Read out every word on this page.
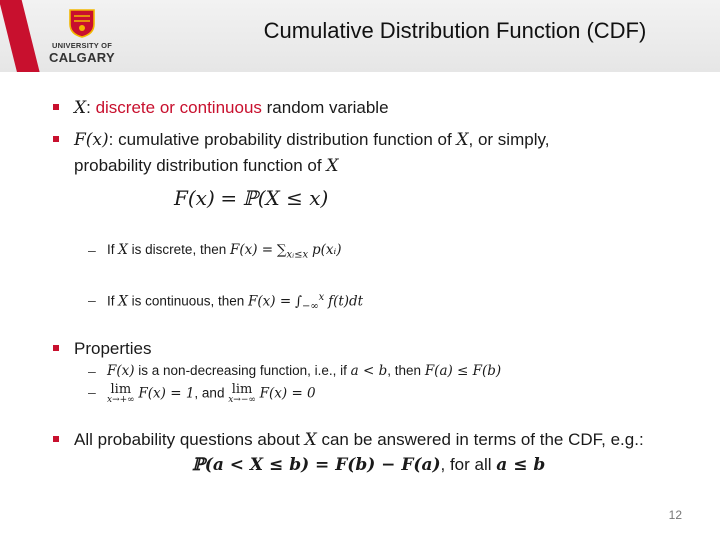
UNIVERSITY OF
CALGARY
Cumulative Distribution Function (CDF)
X: discrete or continuous random variable
F(x): cumulative probability distribution function of X, or simply,
probability distribution function of X
F(x) = ℙ(X ≤ x)
– If X is discrete, then $F(x) = \sum_{xᵢ\le x}$ p(xᵢ)
– If X is continuous, then $F(x) = \int_{-\infty}^x$ f(t)dt
Properties
– F(x) is a non-decreasing function, i.e., if a < b, then F(a) ≤ F(b)
– lim
x→+∞ F(x) = 1, and lim
x→−∞ F(x) = 0
All probability questions about X can be answered in terms of the CDF, e.g.:
ℙ(a < X ≤ b) = F(b) − F(a), for all a ≤ b
12
